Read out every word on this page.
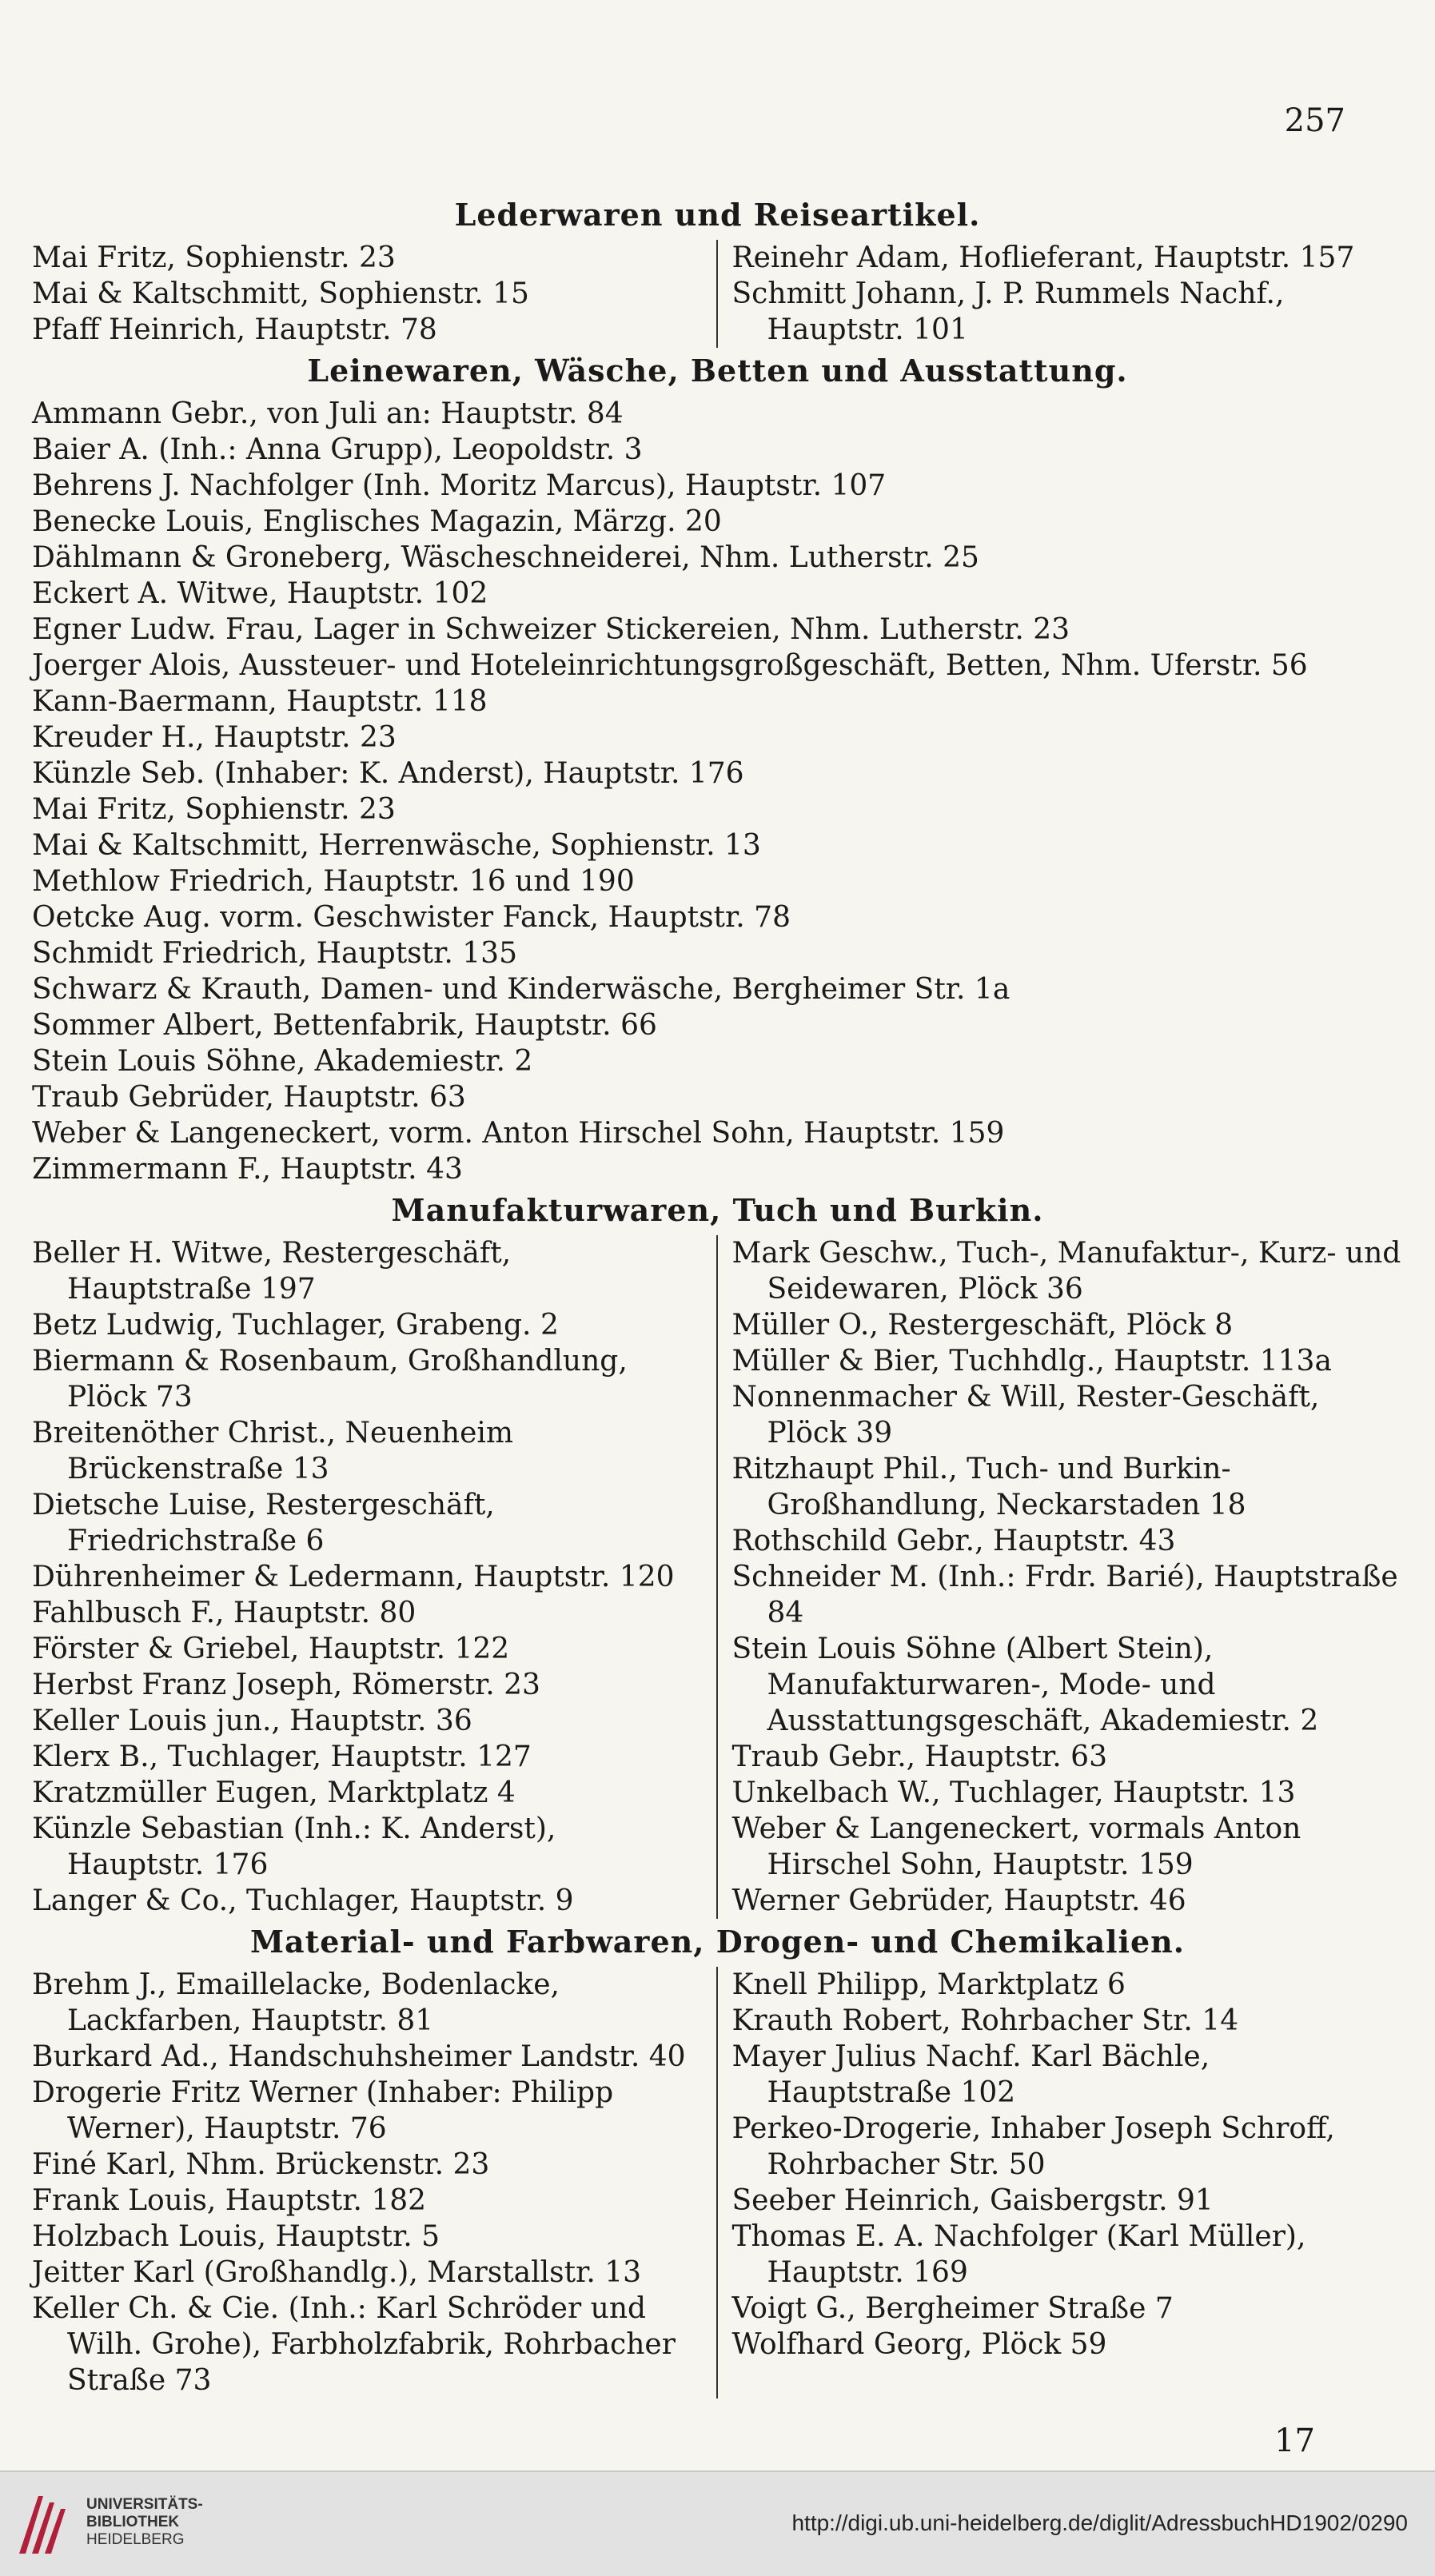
257
Lederwaren und Reiseartikel.
Mai Fritz, Sophienstr. 23
Mai & Kaltschmitt, Sophienstr. 15
Pfaff Heinrich, Hauptstr. 78
Reinehr Adam, Hoflieferant, Hauptstr. 157
Schmitt Johann, J. P. Rummels Nachf., Hauptstr. 101
Leinewaren, Wäsche, Betten und Ausstattung.
Ammann Gebr., von Juli an: Hauptstr. 84
Baier A. (Inh.: Anna Grupp), Leopoldstr. 3
Behrens J. Nachfolger (Inh. Moritz Marcus), Hauptstr. 107
Benecke Louis, Englisches Magazin, Märzg. 20
Dählmann & Groneberg, Wäscheschneiderei, Nhm. Lutherstr. 25
Eckert A. Witwe, Hauptstr. 102
Egner Ludw. Frau, Lager in Schweizer Stickereien, Nhm. Lutherstr. 23
Joerger Alois, Aussteuer- und Hoteleinrichtungsgroßgeschäft, Betten, Nhm. Uferstr. 56
Kann-Baermann, Hauptstr. 118
Kreuder H., Hauptstr. 23
Künzle Seb. (Inhaber: K. Anderst), Hauptstr. 176
Mai Fritz, Sophienstr. 23
Mai & Kaltschmitt, Herrenwäsche, Sophienstr. 13
Methlow Friedrich, Hauptstr. 16 und 190
Oetcke Aug. vorm. Geschwister Fanck, Hauptstr. 78
Schmidt Friedrich, Hauptstr. 135
Schwarz & Krauth, Damen- und Kinderwäsche, Bergheimer Str. 1a
Sommer Albert, Bettenfabrik, Hauptstr. 66
Stein Louis Söhne, Akademiestr. 2
Traub Gebrüder, Hauptstr. 63
Weber & Langeneckert, vorm. Anton Hirschel Sohn, Hauptstr. 159
Zimmermann F., Hauptstr. 43
Manufakturwaren, Tuch und Burkin.
Beller H. Witwe, Restergeschäft, Hauptstraße 197
Betz Ludwig, Tuchlager, Grabeng. 2
Biermann & Rosenbaum, Großhandlung, Plöck 73
Breitenöther Christ., Neuenheim Brückenstraße 13
Dietsche Luise, Restergeschäft, Friedrichstraße 6
Dührenheimer & Ledermann, Hauptstr. 120
Fahlbusch F., Hauptstr. 80
Förster & Griebel, Hauptstr. 122
Herbst Franz Joseph, Römerstr. 23
Keller Louis jun., Hauptstr. 36
Klerx B., Tuchlager, Hauptstr. 127
Kratzmüller Eugen, Marktplatz 4
Künzle Sebastian (Inh.: K. Anderst), Hauptstr. 176
Langer & Co., Tuchlager, Hauptstr. 9
Mark Geschw., Tuch-, Manufaktur-, Kurz- und Seidewaren, Plöck 36
Müller O., Restergeschäft, Plöck 8
Müller & Bier, Tuchhdlg., Hauptstr. 113a
Nonnenmacher & Will, Rester-Geschäft, Plöck 39
Ritzhaupt Phil., Tuch- und Burkin-Großhandlung, Neckarstaden 18
Rothschild Gebr., Hauptstr. 43
Schneider M. (Inh.: Frdr. Barié), Hauptstraße 84
Stein Louis Söhne (Albert Stein), Manufakturwaren-, Mode- und Ausstattungsgeschäft, Akademiestr. 2
Traub Gebr., Hauptstr. 63
Unkelbach W., Tuchlager, Hauptstr. 13
Weber & Langeneckert, vormals Anton Hirschel Sohn, Hauptstr. 159
Werner Gebrüder, Hauptstr. 46
Material- und Farbwaren, Drogen- und Chemikalien.
Brehm J., Emaillelacke, Bodenlacke, Lackfarben, Hauptstr. 81
Burkard Ad., Handschuhsheimer Landstr. 40
Drogerie Fritz Werner (Inhaber: Philipp Werner), Hauptstr. 76
Finé Karl, Nhm. Brückenstr. 23
Frank Louis, Hauptstr. 182
Holzbach Louis, Hauptstr. 5
Jeitter Karl (Großhandlg.), Marstallstr. 13
Keller Ch. & Cie. (Inh.: Karl Schröder und Wilh. Grohe), Farbholzfabrik, Rohrbacher Straße 73
Knell Philipp, Marktplatz 6
Krauth Robert, Rohrbacher Str. 14
Mayer Julius Nachf. Karl Bächle, Hauptstraße 102
Perkeo-Drogerie, Inhaber Joseph Schroff, Rohrbacher Str. 50
Seeber Heinrich, Gaisbergstr. 91
Thomas E. A. Nachfolger (Karl Müller), Hauptstr. 169
Voigt G., Bergheimer Straße 7
Wolfhard Georg, Plöck 59
17
UNIVERSITÄTS-
BIBLIOTHEK
HEIDELBERG
http://digi.ub.uni-heidelberg.de/diglit/AdressbuchHD1902/0290
